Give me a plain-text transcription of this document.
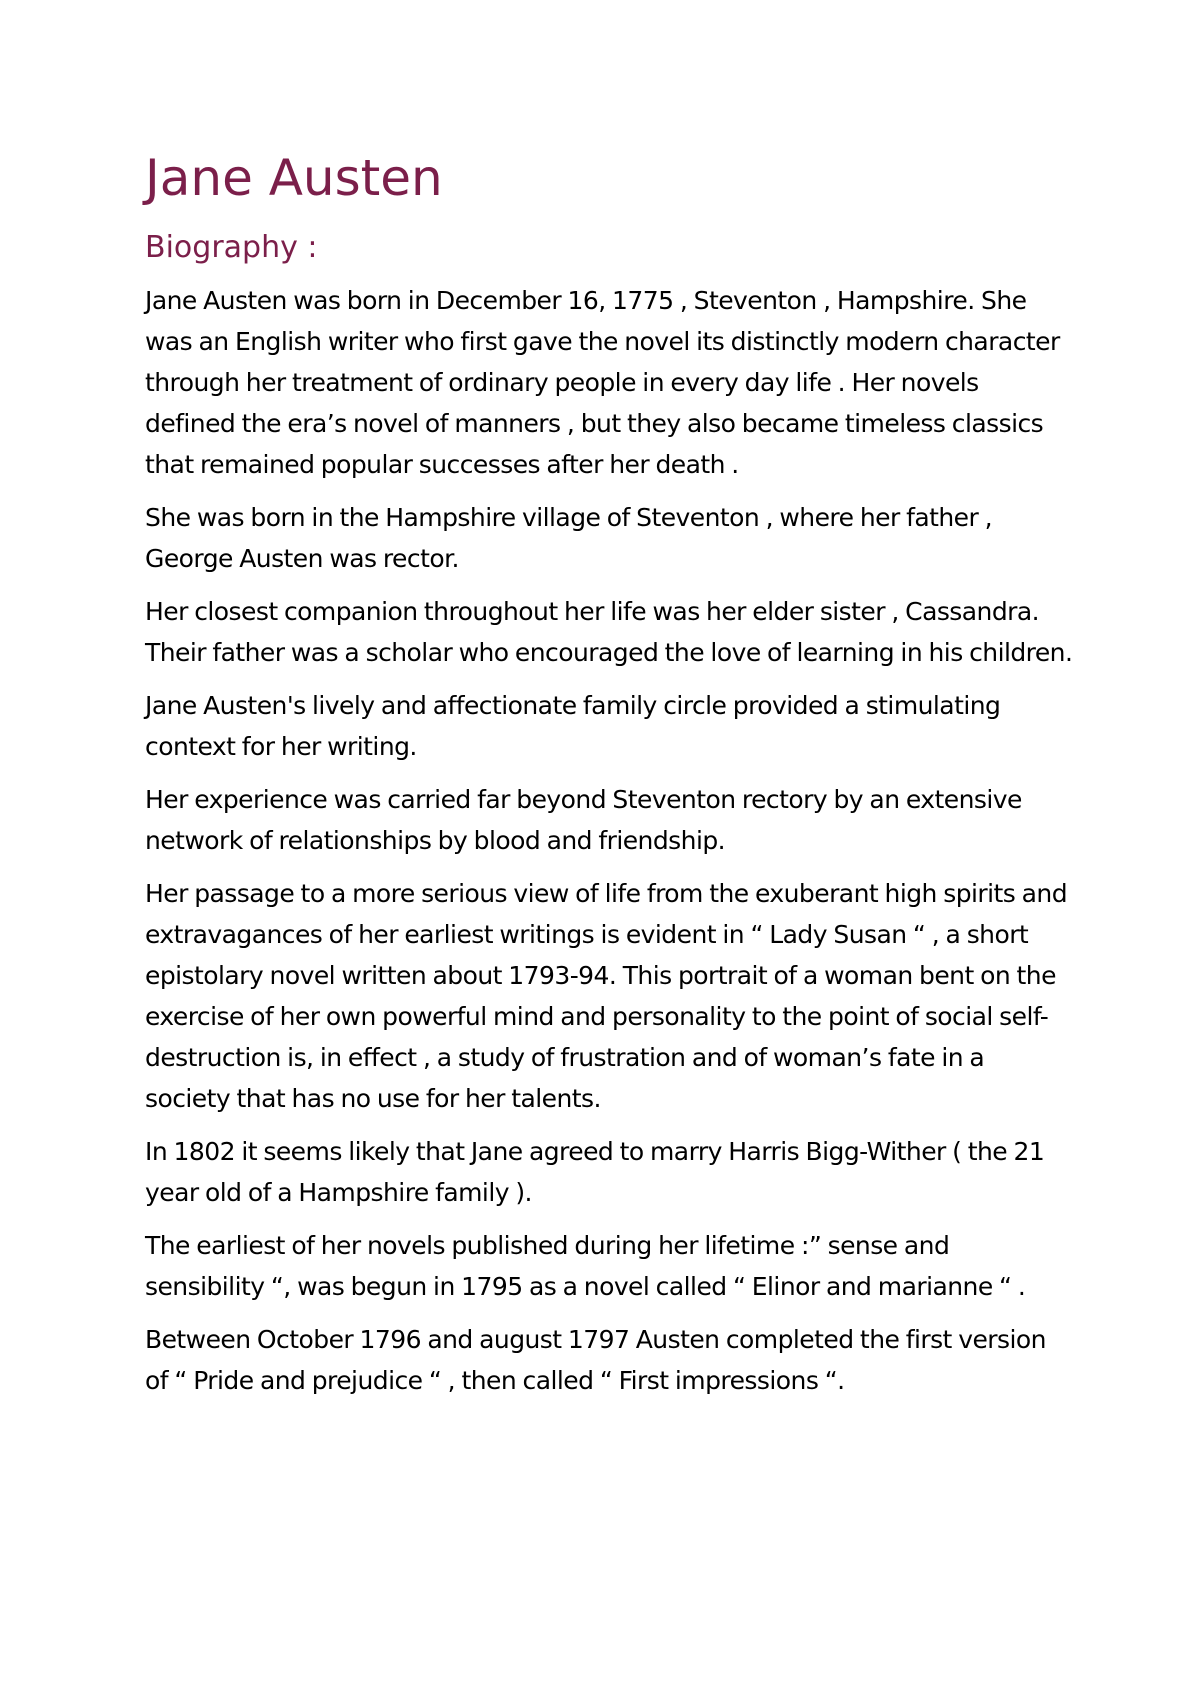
Jane Austen
Biography :

Jane Austen was born in December 16, 1775 , Steventon , Hampshire. She was an English writer who first gave the novel its distinctly modern character through her treatment of ordinary people in every day life . Her novels defined the era’s novel of manners , but they also became timeless classics that remained popular successes after her death .

She was born in the Hampshire village of Steventon , where her father , George Austen was rector.

Her closest companion throughout her life was her elder sister , Cassandra. Their father was a scholar who encouraged the love of learning in his children.

Jane Austen's lively and affectionate family circle provided a stimulating context for her writing.

Her experience was carried far beyond Steventon rectory by an extensive network of relationships by blood and friendship.

Her passage to a more serious view of life from the exuberant high spirits and extravagances of her earliest writings is evident in “ Lady Susan “ , a short epistolary novel written about 1793-94. This portrait of a woman bent on the exercise of her own powerful mind and personality to the point of social self-destruction is, in effect , a study of frustration and of woman’s fate in a society that has no use for her talents.

In 1802 it seems likely that Jane agreed to marry Harris Bigg-Wither ( the 21 year old of a Hampshire family ).

The earliest of her novels published during her lifetime :” sense and sensibility “, was begun in 1795 as a novel called “ Elinor and marianne “ .

Between October 1796 and august 1797 Austen completed the first version of “ Pride and prejudice “ , then called “ First impressions “.
